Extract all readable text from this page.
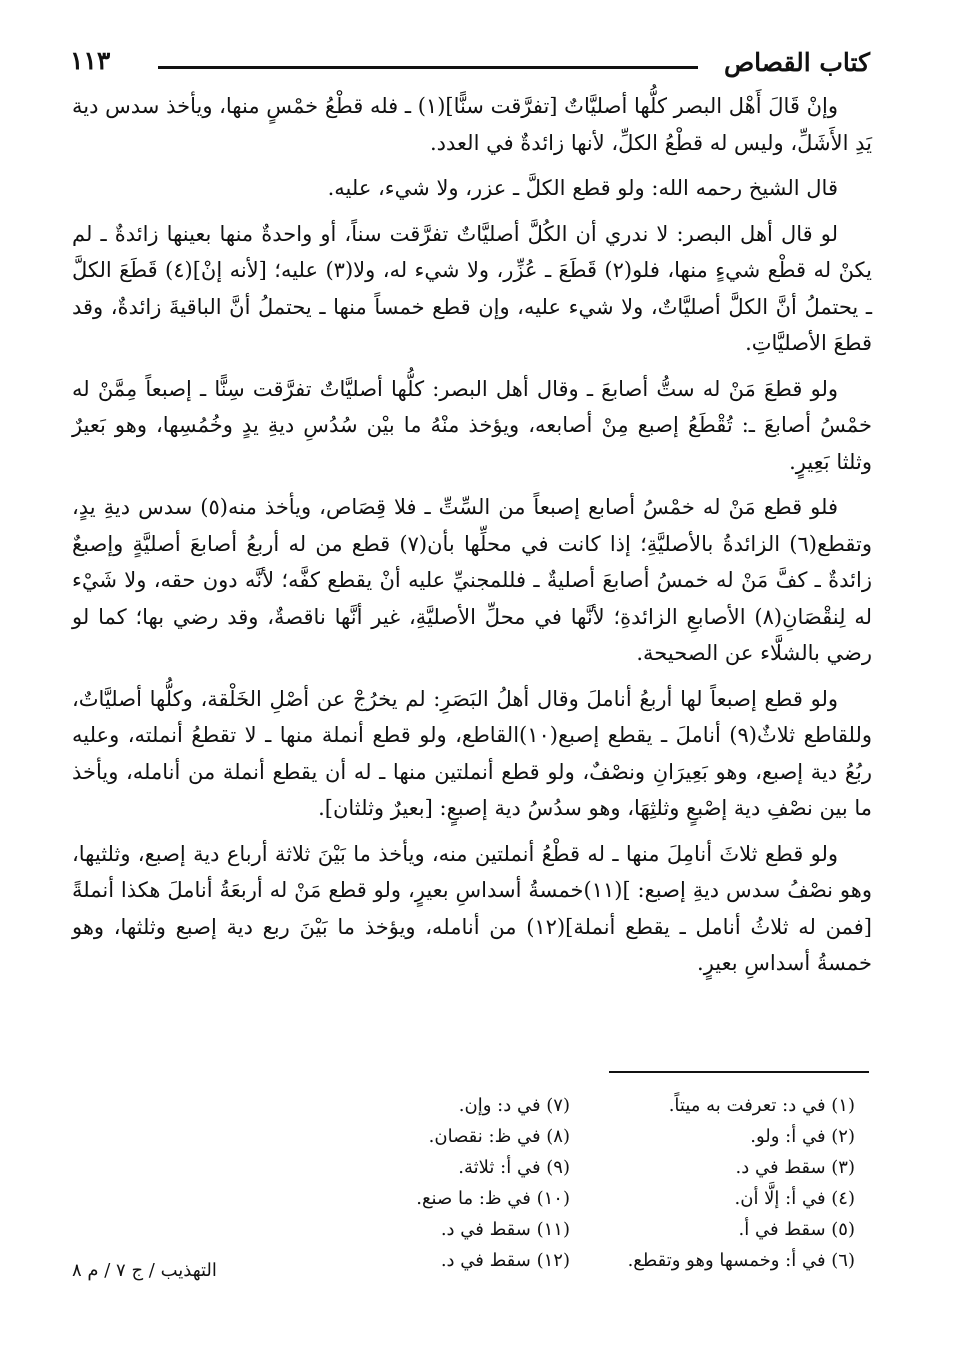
كتاب القصاص
١١٣

وإنْ قَالَ أَهْل البصر كلُّها أصليَّاتٌ [تفرَّقت سنًّا](١) ـ فله قطْعُ خمْسٍ منها، ويأخذ سدس دية يَدِ الأَشَلِّ، وليس له قطْعُ الكلِّ، لأنها زائدةٌ في العدد.

قال الشيخ رحمه الله: ولو قطع الكلَّ ـ عزر، ولا شيء، عليه.

لو قال أهل البصر: لا ندري أن الكُلَّ أصليَّاتٌ تفرَّقت سناً، أو واحدةٌ منها بعينها زائدةٌ ـ لم يكنْ له قطْع شيءٍ منها، فلو(٢) قَطَعَ ـ عُزِّر، ولا شيء له، ولا(٣) عليه؛ [لأنه إنْ](٤) قَطَعَ الكلَّ ـ يحتملُ أنَّ الكلَّ أصليَّاتٌ، ولا شيء عليه، وإن قطع خمساً منها ـ يحتملُ أنَّ الباقيةَ زائدةٌ، وقد قطعَ الأصليَّاتِ.

ولو قطعَ مَنْ له ستُّ أصابعَ ـ وقال أهل البصر: كلُّها أصليَّاتٌ تفرَّقت سِنًّا ـ إصبعاً مِمَّنْ له خمْسُ أصابعَ ـ: تُقْطَعُ إصبع مِنْ أصابعه، ويؤخذ منْهُ ما بيْن سُدُسِ ديةِ يدٍ وخُمُسِها، وهو بَعيرٌ وثلثا بَعِيرٍ.

فلو قطع مَنْ له خمْسُ أصابع إصبعاً من السِّتِّ ـ فلا قِصَاص، ويأخذ منه(٥) سدس ديةِ يدٍ، وتقطع(٦) الزائدةُ بالأصليَّةِ؛ إذا كانت في محلِّها بأن(٧) قطع من له أربعُ أصابعَ أصليَّةٍ وإصبعٌ زائدةٌ ـ كفَّ مَنْ له خمسُ أصابعَ أصليةٌ ـ فللمجنيِّ عليه أنْ يقطع كفَّه؛ لأنَّه دون حقه، ولا شَيْء له لِنقْصَانِ(٨) الأصابعِ الزائدةِ؛ لأنَّها في محلِّ الأصليَّةِ، غير أنَّها ناقصةٌ، وقد رضي بها؛ كما لو رضي بالشلَّاء عن الصحيحة.

ولو قطع إصبعاً لها أربعُ أناملَ وقال أهلُ البَصَرِ: لم يخرُجْ عن أصْلِ الخَلْقة، وكلُّها أصليَّاتٌ، وللقاطع ثلاثٌ(٩) أناملَ ـ يقطع إصبع(١٠)القاطع، ولو قطع أنملة منها ـ لا تقطعُ أنملته، وعليه ربُعُ دية إصبع، وهو بَعِيرَانِ ونصْفٌ، ولو قطع أنملتين منها ـ له أن يقطع أنملة من أنامله، ويأخذ ما بين نصْفِ دية إصْبعٍ وثلثِهَا، وهو سدُسُ دية إصبعٍ: [بعيرٌ وثلثان].

ولو قطع ثلاثَ أنامِلَ منها ـ له قطْعُ أنملتين منه، ويأخذ ما بَيْنَ ثلاثة أرباع دية إصبع، وثلثيها، وهو نصْفُ سدس ديةِ إصبع: ](١١)خمسةُ أسداسِ بعيرٍ، ولو قطع مَنْ له أربعَةُ أناملَ هكذا أنملةً [فمن له ثلاثُ أنامل ـ يقطع أنملة](١٢) من أنامله، ويؤخذ ما بَيْنَ ربع دية إصبع وثلثها، وهو خمسةُ أسداسِ بعيرٍ.

(١) في د: تعرفت به ميتاً.
(٢) في أ: ولو.
(٣) سقط في د.
(٤) في أ: إلَّا أن.
(٥) سقط في أ.
(٦) في أ: وخمسها وهو وتقطع.
(٧) في د: وإن.
(٨) في ظ: نقصان.
(٩) في أ: ثلاثة.
(١٠) في ظ: ما صنع.
(١١) سقط في د.
(١٢) سقط في د.
التهذيب / ج ٧ / م ٨
